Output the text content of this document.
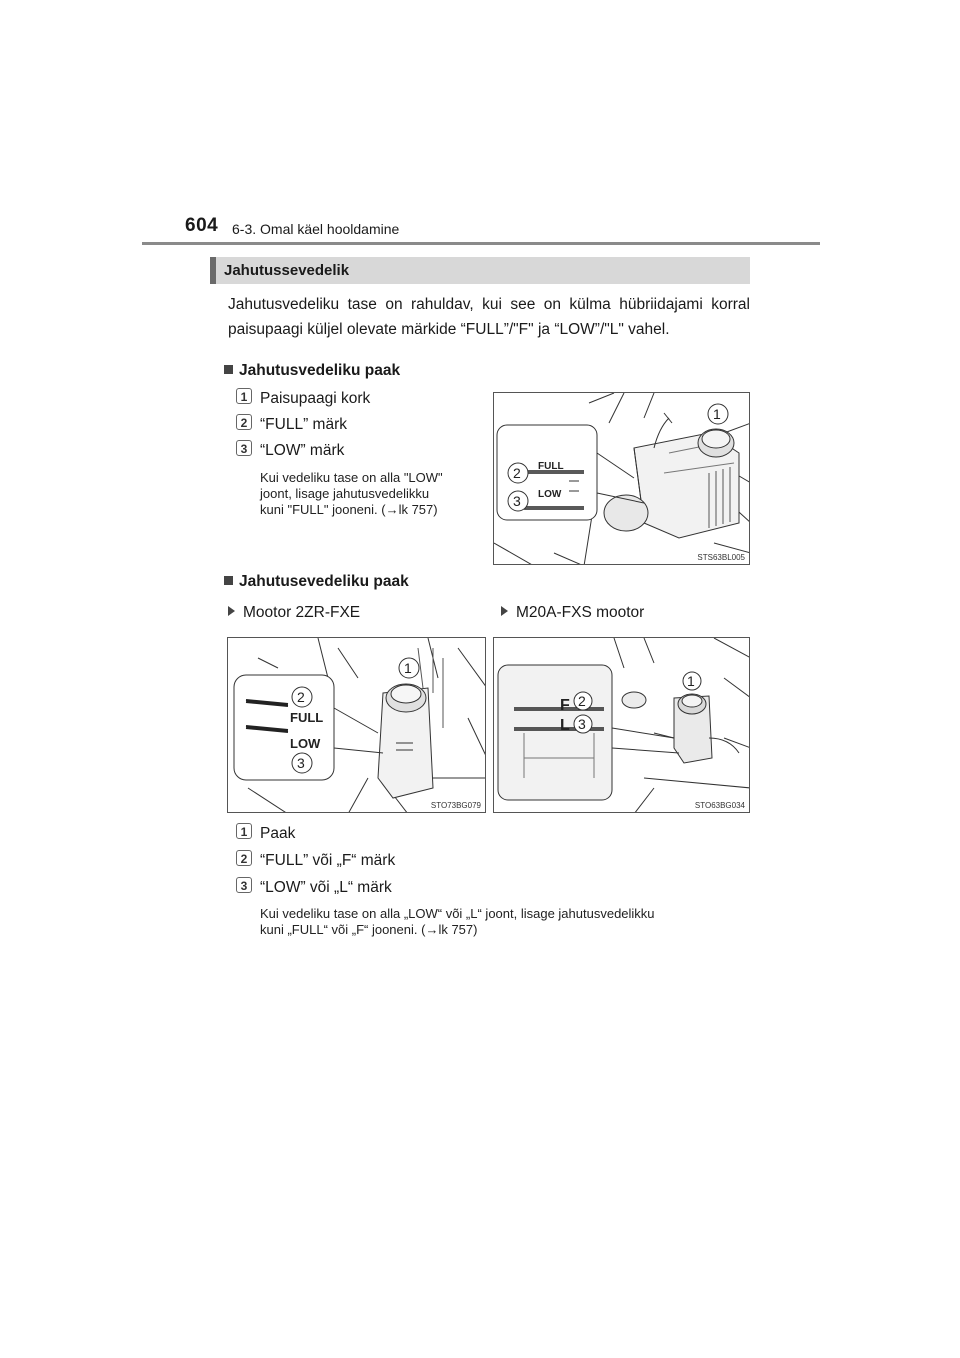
604 6-3. Omal käel hooldamine
Jahutussevedelik
Jahutusvedeliku tase on rahuldav, kui see on külma hübriidajami korral paisupaagi küljel olevate märkide “FULL”/"F" ja “LOW”/"L" vahel.
Jahutusvedeliku paak
1 Paisupaagi kork
2 “FULL” märk
3 “LOW” märk
Kui vedeliku tase on alla "LOW"
joont, lisage jahutusvedelikku
kuni "FULL" jooneni. (→lk 757)
FULL
LOW
1
2
3
STS63BL005
Jahutusevedeliku paak
Mootor 2ZR-FXE	M20A-FXS mootor
FULL
LOW
1
2
3
STO73BG079
F
L
1
2
3
STO63BG034
1 Paak
2 “FULL” või „F“ märk
3 “LOW” või „L“ märk
Kui vedeliku tase on alla „LOW“ või „L“ joont, lisage jahutusvedelikku
kuni „FULL“ või „F“ jooneni. (→lk 757)
